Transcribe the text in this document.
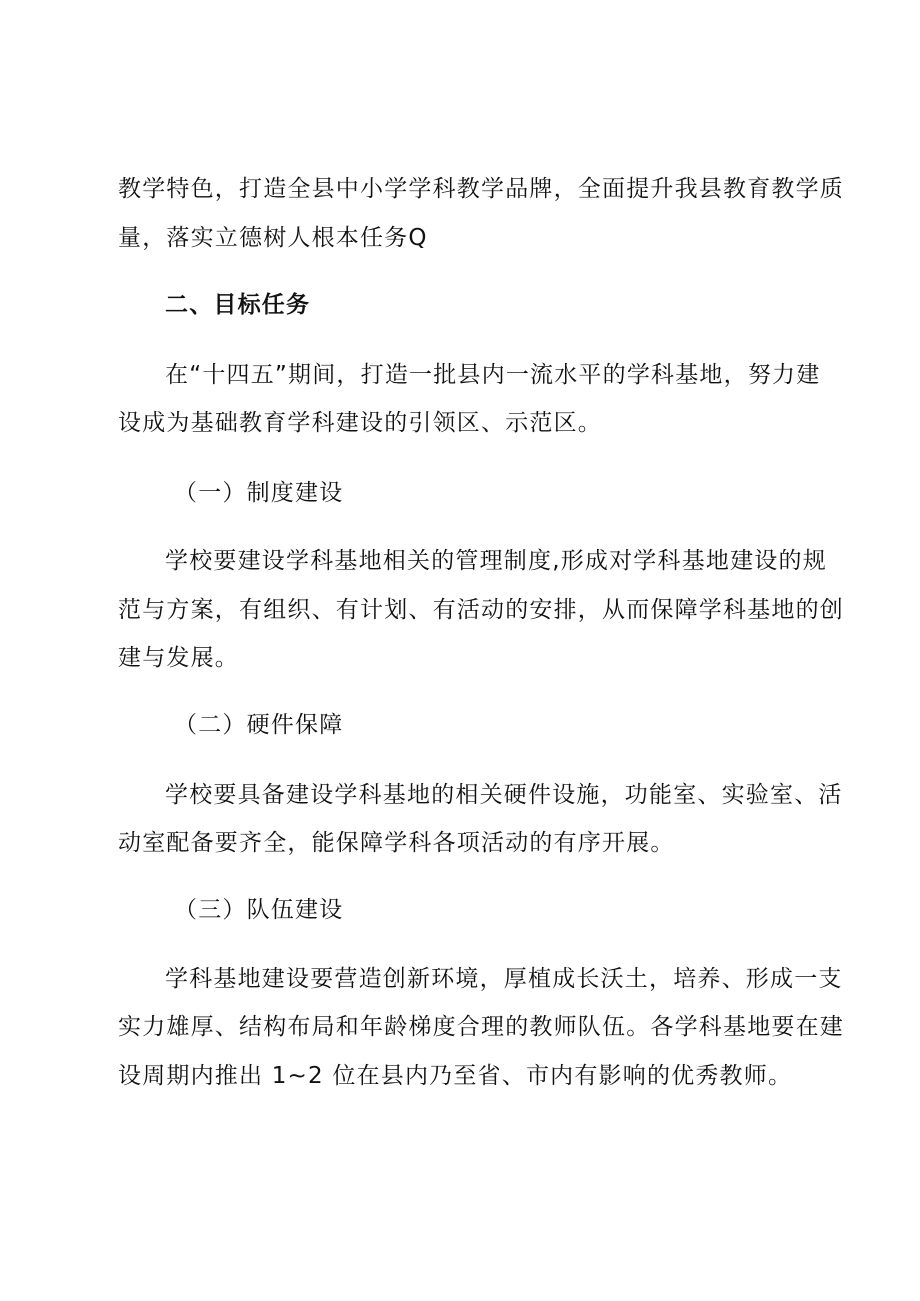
教学特色，打造全县中小学学科教学品牌，全面提升我县教育教学质
量，落实立德树人根本任务Q
二、目标任务
在“十四五”期间，打造一批县内一流水平的学科基地，努力建
设成为基础教育学科建设的引领区、示范区。
（一）制度建设
学校要建设学科基地相关的管理制度,形成对学科基地建设的规
范与方案，有组织、有计划、有活动的安排，从而保障学科基地的创
建与发展。
（二）硬件保障
学校要具备建设学科基地的相关硬件设施，功能室、实验室、活
动室配备要齐全，能保障学科各项活动的有序开展。
（三）队伍建设
学科基地建设要营造创新环境，厚植成长沃土，培养、形成一支
实力雄厚、结构布局和年龄梯度合理的教师队伍。各学科基地要在建
设周期内推出 1~2 位在县内乃至省、市内有影响的优秀教师。
